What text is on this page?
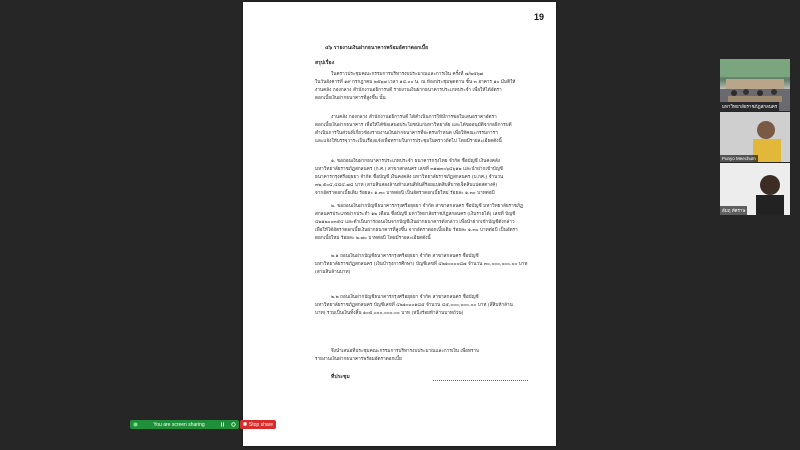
19
๔๖ รายงานเงินฝากธนาคารพร้อมอัตราดอกเบี้ย
สรุปเรื่อง
ในคราวประชุมคณะกรรมการบริหารงบประมาณและการเงิน ครั้งที่ ๗/๒๕๖๗
ในวันอังคารที่ ๑๙ กรกฎาคม ๒๕๖๗ เวลา ๑๔.๐๐ น. ณ ห้องประชุมพุดตาน ชั้น ๓ อาคาร ๑๐ มีมติให้
งานคลัง กองกลาง สำนักงานอธิการบดี รายงานเงินฝากธนาคารประเภทประจำ เพื่อให้ได้อัตรา
ดอกเบี้ยเงินฝากธนาคารที่สูงขึ้น นั้น
งานคลัง กองกลาง สำนักงานอธิการบดี ได้ดำเนินการให้มีการขอใบเสนอราคาอัตรา
ดอกเบี้ยเงินฝากธนาคาร เพื่อให้ได้ข้อเสนอประโยชน์แก่มหาวิทยาลัย และได้ขออนุมัติจากอธิการบดี
ดำเนินการในส่วนที่เกี่ยวข้องรายงานเงินฝากธนาคารที่จะครบกำหนด เพื่อให้คณะกรรมการฯ
และแจ้งให้บรรจุวาระเป็นเรื่องแจ้งเพื่อทราบในการประชุมในคราวถัดไป โดยมีรายละเอียดดังนี้
๑. ขอถอนเงินฝากธนาคารประเภทประจำ ธนาคารกรุงไทย จำกัด ชื่อบัญชี เงินคงคลัง
มหาวิทยาลัยราชภัฏสกลนคร (ก.ศ.) สาขาสกลนคร เลขที่ ๓๑๗๓๐๖๔๖๑๒ และนำฝากเข้าบัญชี
ธนาคารกรุงศรีอยุธยา จำกัด ชื่อบัญชี เงินคงคลัง มหาวิทยาลัยราชภัฏสกลนคร (บ.กศ.) จำนวน
๓๒,๕๐๔,๔๘๔.๗๘ บาท (สามสิบสองล้านห้าแสนสี่พันสี่ร้อยแปดสิบสี่บาทเจ็ดสิบแปดสตางค์)
จากอัตราดอกเบี้ยเดิม ร้อยละ ๑.๓๐ บาทต่อปี เป็นอัตราดอกเบี้ยใหม่ ร้อยละ ๑.๓๐ บาทต่อปี
๒. ขอถอนเงินฝากบัญชีธนาคารกรุงศรีอยุธยา จำกัด สาขาสกลนคร ชื่อบัญชี มหาวิทยาลัยราชภัฏ
สกลนครประเภทฝากประจำ ๑๒ เดือน ชื่อบัญชี มหาวิทยาลัยราชภัฏสกลนคร (เงินรายได้) เลขที่ บัญชี
๔๒๑๒๐๐๓๕๔ และดำเนินการถอนเงินจากบัญชีเงินฝากธนาคารดังกล่าว เพื่อนำฝากเข้าบัญชีดังกล่าว
เพื่อให้ได้อัตราดอกเบี้ยเงินฝากธนาคารที่สูงขึ้น จากอัตราดอกเบี้ยเดิม ร้อยละ ๑.๓๐ บาทต่อปี เป็นอัตรา
ดอกเบี้ยใหม่ ร้อยละ ๒.๗๐ บาทต่อปี โดยมีรายละเอียดดังนี้
๒.๑ ถอนเงินฝากบัญชีธนาคารกรุงศรีอยุธยา จำกัด สาขาสกลนคร ชื่อบัญชี
มหาวิทยาลัยราชภัฏสกลนคร (เงินบำรุงการศึกษา) บัญชีเลขที่ ๔๒๑๐๐๐๐๘๗ จำนวน ๓๐,๐๐๐,๐๐๐.๐๐ บาท
(สามสิบล้านบาท)
๒.๒ ถอนเงินฝากบัญชีธนาคารกรุงศรีอยุธยา จำกัด สาขาสกลนคร ชื่อบัญชี
มหาวิทยาลัยราชภัฏสกลนคร บัญชีเลขที่ ๔๒๑๐๐๐๑๘๕ จำนวน ๔๕,๐๐๐,๐๐๐.๐๐ บาท (สี่สิบห้าล้าน
บาท) รวมเป็นเงินทั้งสิ้น ๑๐๕,๐๐๐,๐๐๐.๐๐ บาท (หนึ่งร้อยห้าล้านบาทถ้วน)
จึงนำเสนอที่ประชุมคณะกรรมการบริหารงบประมาณและการเงิน เพื่อทราบ
รายงานเงินฝากธนาคารพร้อมอัตราดอกเบี้ย
ที่ประชุม
มหาวิทยาลัยราชภัฏสกลนคร
Punyo Meechum
สัมฤ ทัศราษ
You are screen sharing	Stop share
